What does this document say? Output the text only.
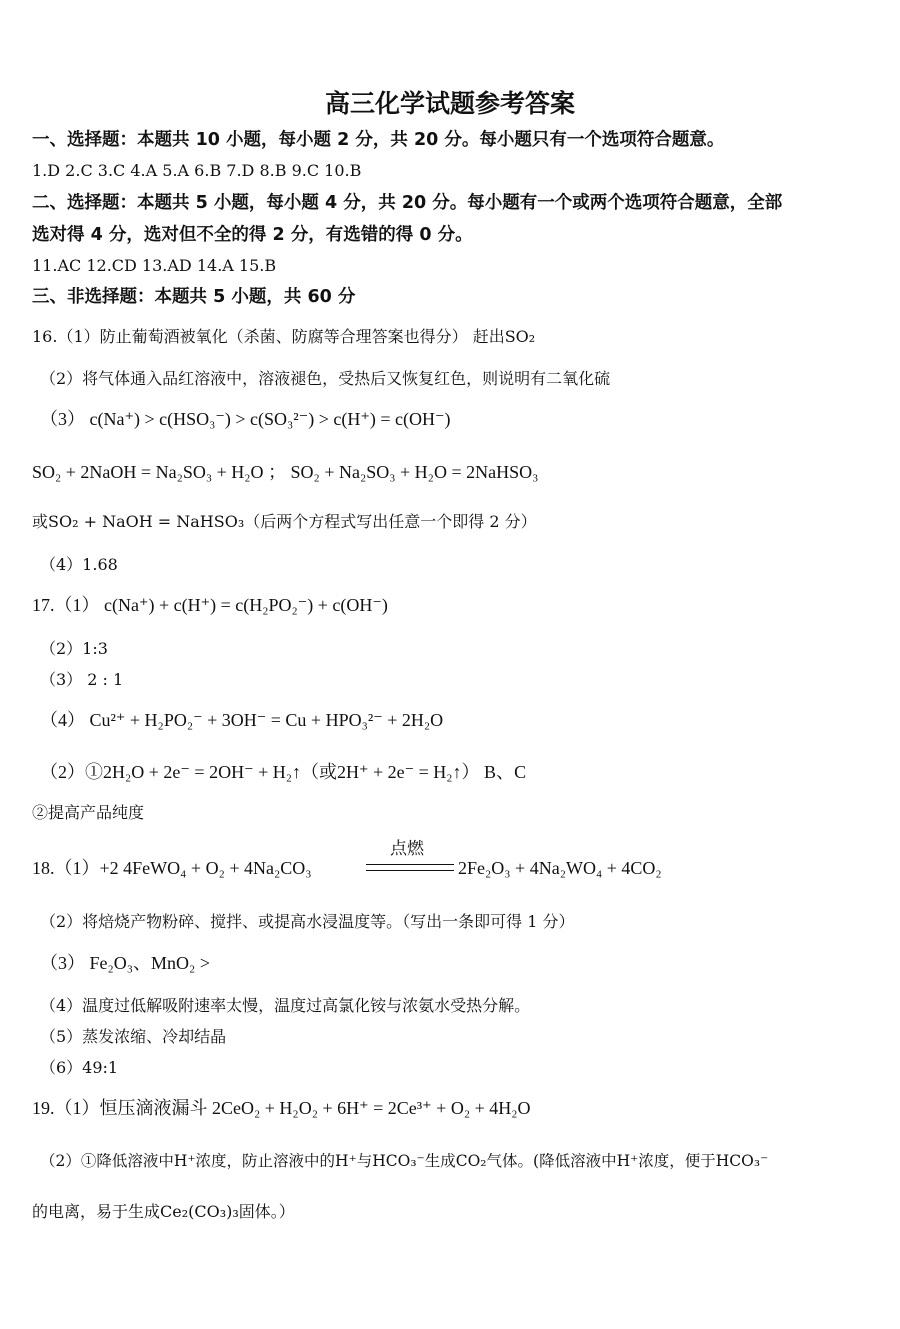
高三化学试题参考答案
一、选择题：本题共 10 小题，每小题 2 分，共 20 分。每小题只有一个选项符合题意。
1.D 2.C 3.C 4.A 5.A 6.B 7.D 8.B 9.C 10.B
二、选择题：本题共 5 小题，每小题 4 分，共 20 分。每小题有一个或两个选项符合题意，全部
选对得 4 分，选对但不全的得 2 分，有选错的得 0 分。
11.AC 12.CD 13.AD 14.A 15.B
三、非选择题：本题共 5 小题，共 60 分
16.（1）防止葡萄酒被氧化（杀菌、防腐等合理答案也得分） 赶出SO₂
（2）将气体通入品红溶液中，溶液褪色，受热后又恢复红色，则说明有二氧化硫
（3） c(Na⁺) > c(HSO₃⁻) > c(SO₃²⁻) > c(H⁺) = c(OH⁻)
SO₂ + 2NaOH = Na₂SO₃ + H₂O ； SO₂ + Na₂SO₃ + H₂O = 2NaHSO₃
或SO₂ + NaOH = NaHSO₃（后两个方程式写出任意一个即得 2 分）
（4）1.68
17.（1） c(Na⁺) + c(H⁺) = c(H₂PO₂⁻) + c(OH⁻)
（2）1:3
（3） 2 : 1
（4） Cu²⁺ + H₂PO₂⁻ + 3OH⁻ = Cu + HPO₃²⁻ + 2H₂O
（2）①2H₂O + 2e⁻ = 2OH⁻ + H₂↑（或2H⁺ + 2e⁻ = H₂↑） B、C
②提高产品纯度
18.（1）+2 4FeWO₄ + O₂ + 4Na₂CO₃
点燃
2Fe₂O₃ + 4Na₂WO₄ + 4CO₂
（2）将焙烧产物粉碎、搅拌、或提高水浸温度等。（写出一条即可得 1 分）
（3） Fe₂O₃、MnO₂ >
（4）温度过低解吸附速率太慢，温度过高氯化铵与浓氨水受热分解。
（5）蒸发浓缩、冷却结晶
（6）49:1
19.（1）恒压滴液漏斗 2CeO₂ + H₂O₂ + 6H⁺ = 2Ce³⁺ + O₂ + 4H₂O
（2）①降低溶液中H⁺浓度，防止溶液中的H⁺与HCO₃⁻生成CO₂气体。(降低溶液中H⁺浓度，便于HCO₃⁻
的电离，易于生成Ce₂(CO₃)₃固体。）
